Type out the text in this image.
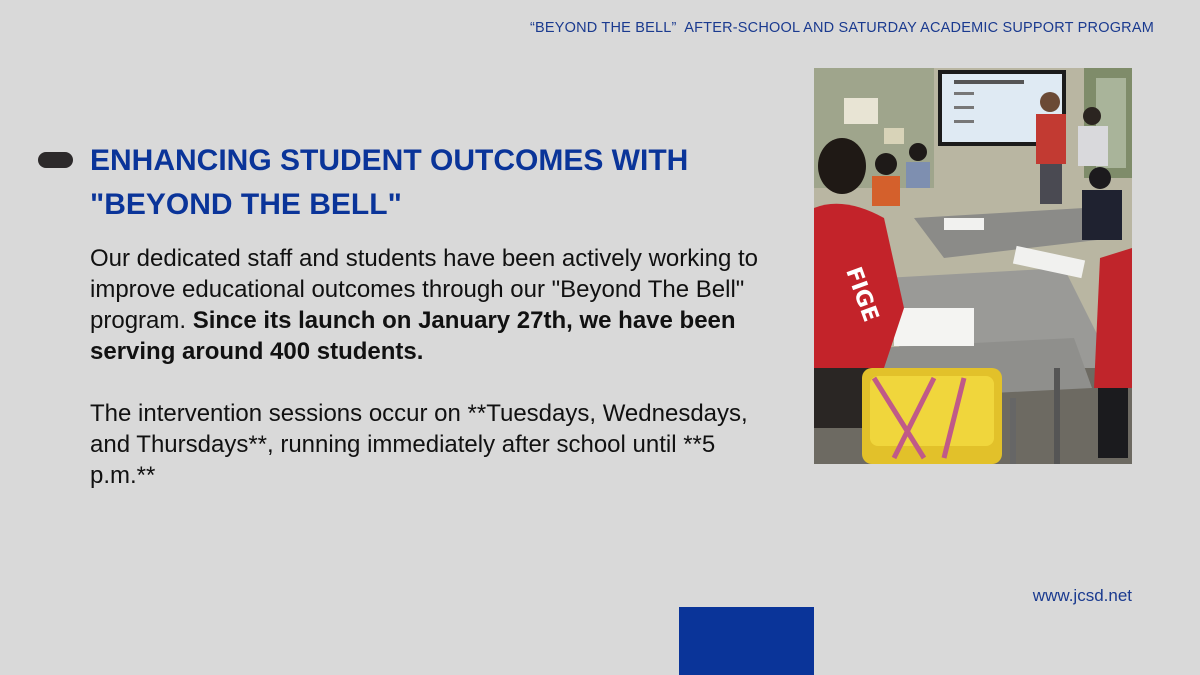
“BEYOND THE BELL”  AFTER-SCHOOL AND SATURDAY ACADEMIC SUPPORT PROGRAM
ENHANCING STUDENT OUTCOMES WITH
"BEYOND THE BELL"

Our dedicated staff and students have been actively working to improve educational outcomes through our "Beyond The Bell" program. Since its launch on January 27th, we have been serving around 400 students.

The intervention sessions occur on **Tuesdays, Wednesdays, and Thursdays**, running immediately after school until **5 p.m.**

FIGE
www.jcsd.net
